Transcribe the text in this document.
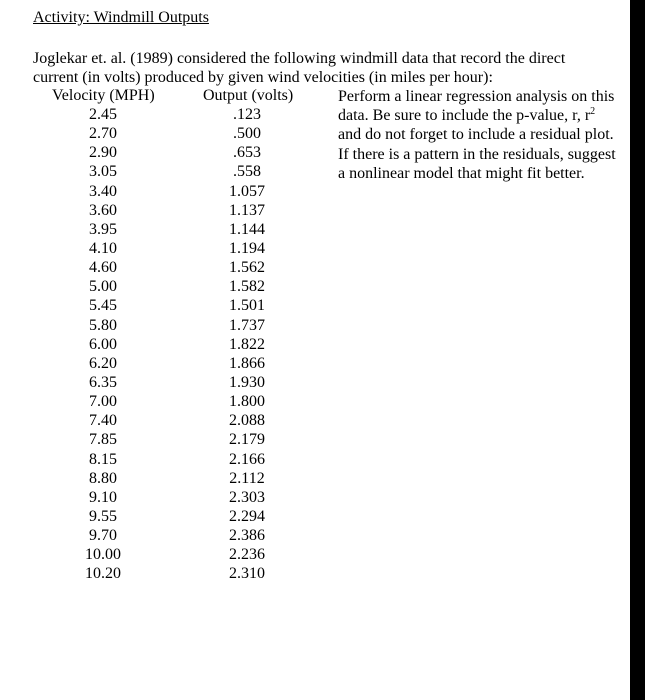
Activity: Windmill Outputs
Joglekar et. al. (1989) considered the following windmill data that record the direct
current (in volts) produced by given wind velocities (in miles per hour):
Velocity (MPH)	Output (volts)
2.45	.123
2.70	.500
2.90	.653
3.05	.558
3.40	1.057
3.60	1.137
3.95	1.144
4.10	1.194
4.60	1.562
5.00	1.582
5.45	1.501
5.80	1.737
6.00	1.822
6.20	1.866
6.35	1.930
7.00	1.800
7.40	2.088
7.85	2.179
8.15	2.166
8.80	2.112
9.10	2.303
9.55	2.294
9.70	2.386
10.00	2.236
10.20	2.310
Perform a linear regression analysis on this
data. Be sure to include the p-value, r, $r^2$
and do not forget to include a residual plot.
If there is a pattern in the residuals, suggest
a nonlinear model that might fit better.
